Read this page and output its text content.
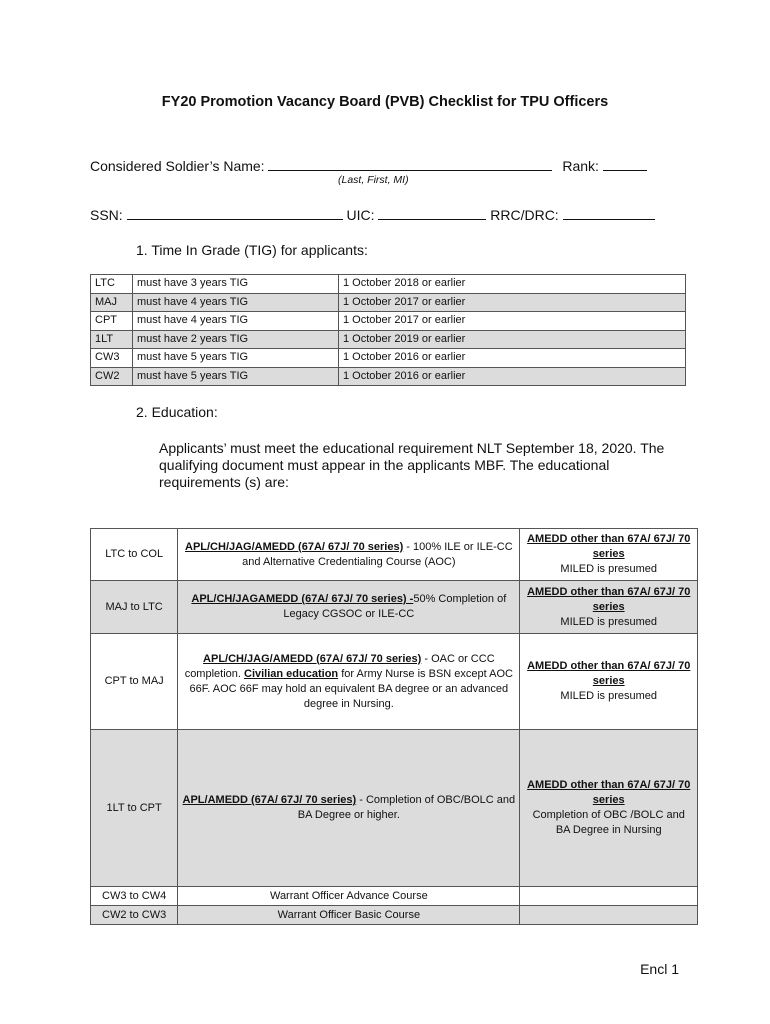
FY20 Promotion Vacancy Board (PVB) Checklist for TPU Officers
Considered Soldier’s Name:	Rank:
(Last, First, MI)
SSN:	UIC:	RRC/DRC:
1. Time In Grade (TIG) for applicants:
LTC	must have 3 years TIG	1 October 2018 or earlier
MAJ	must have 4 years TIG	1 October 2017 or earlier
CPT	must have 4 years TIG	1 October 2017 or earlier
1LT	must have 2 years TIG	1 October 2019 or earlier
CW3	must have 5 years TIG	1 October 2016 or earlier
CW2	must have 5 years TIG	1 October 2016 or earlier
2. Education:
Applicants’ must meet the educational requirement NLT September 18, 2020. The qualifying document must appear in the applicants MBF. The educational requirements (s) are:
LTC to COL	APL/CH/JAG/AMEDD (67A/ 67J/ 70 series) - 100% ILE or ILE-CC and Alternative Credentialing Course (AOC)	AMEDD other than 67A/ 67J/ 70 series
MILED is presumed
MAJ to LTC	APL/CH/JAGAMEDD (67A/ 67J/ 70 series) -50% Completion of Legacy CGSOC or ILE-CC	AMEDD other than 67A/ 67J/ 70 series
MILED is presumed
CPT to MAJ	APL/CH/JAG/AMEDD (67A/ 67J/ 70 series) - OAC or CCC completion. Civilian education for Army Nurse is BSN except AOC 66F. AOC 66F may hold an equivalent BA degree or an advanced degree in Nursing.	AMEDD other than 67A/ 67J/ 70 series
MILED is presumed
1LT to CPT	APL/AMEDD (67A/ 67J/ 70 series) - Completion of OBC/BOLC and BA Degree or higher.	AMEDD other than 67A/ 67J/ 70 series
Completion of OBC /BOLC and BA Degree in Nursing
CW3 to CW4	Warrant Officer Advance Course	
CW2 to CW3	Warrant Officer Basic Course	
Encl 1
